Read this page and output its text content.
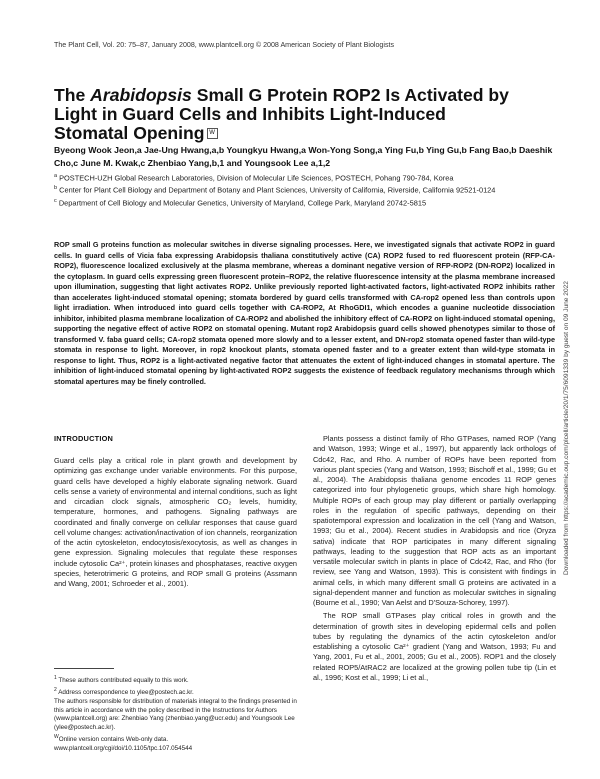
The Plant Cell, Vol. 20: 75–87, January 2008, www.plantcell.org © 2008 American Society of Plant Biologists
The Arabidopsis Small G Protein ROP2 Is Activated by Light in Guard Cells and Inhibits Light-Induced Stomatal Opening W
Byeong Wook Jeon,a Jae-Ung Hwang,a,b Youngkyu Hwang,a Won-Yong Song,a Ying Fu,b Ying Gu,b Fang Bao,b Daeshik Cho,c June M. Kwak,c Zhenbiao Yang,b,1 and Youngsook Lee a,1,2
$^a$ POSTECH-UZH Global Research Laboratories, Division of Molecular Life Sciences, POSTECH, Pohang 790-784, Korea
$^b$ Center for Plant Cell Biology and Department of Botany and Plant Sciences, University of California, Riverside, California 92521-0124
$^c$ Department of Cell Biology and Molecular Genetics, University of Maryland, College Park, Maryland 20742-5815

ROP small G proteins function as molecular switches in diverse signaling processes. Here, we investigated signals that activate ROP2 in guard cells. In guard cells of Vicia faba expressing Arabidopsis thaliana constitutively active (CA) ROP2 fused to red fluorescent protein (RFP-CA-ROP2), fluorescence localized exclusively at the plasma membrane, whereas a dominant negative version of RFP-ROP2 (DN-ROP2) localized in the cytoplasm. In guard cells expressing green fluorescent protein–ROP2, the relative fluorescence intensity at the plasma membrane increased upon illumination, suggesting that light activates ROP2. Unlike previously reported light-activated factors, light-activated ROP2 inhibits rather than accelerates light-induced stomatal opening; stomata bordered by guard cells transformed with CA-rop2 opened less than controls upon light irradiation. When introduced into guard cells together with CA-ROP2, At RhoGDI1, which encodes a guanine nucleotide dissociation inhibitor, inhibited plasma membrane localization of CA-ROP2 and abolished the inhibitory effect of CA-ROP2 on light-induced stomatal opening, supporting the negative effect of active ROP2 on stomatal opening. Mutant rop2 Arabidopsis guard cells showed phenotypes similar to those of transformed V. faba guard cells; CA-rop2 stomata opened more slowly and to a lesser extent, and DN-rop2 stomata opened faster than wild-type stomata in response to light. Moreover, in rop2 knockout plants, stomata opened faster and to a greater extent than wild-type stomata in response to light. Thus, ROP2 is a light-activated negative factor that attenuates the extent of light-induced changes in stomatal aperture. The inhibition of light-induced stomatal opening by light-activated ROP2 suggests the existence of feedback regulatory mechanisms through which stomatal apertures may be finely controlled.	Downloaded from https://academic.oup.com/plcell/article/20/1/75/6091339 by guest on 09 June 2022
INTRODUCTION

Guard cells play a critical role in plant growth and development by optimizing gas exchange under variable environments. For this purpose, guard cells have developed a highly elaborate signaling network. Guard cells sense a variety of environmental and internal conditions, such as light and circadian clock signals, atmospheric CO₂ levels, humidity, temperature, hormones, and pathogens. Signaling pathways are coordinated and finally converge on cellular responses that cause guard cell volume changes: activation/inactivation of ion channels, reorganization of the actin cytoskeleton, endocytosis/exocytosis, as well as changes in gene expression. Signaling molecules that regulate these responses include cytosolic Ca²⁺, protein kinases and phosphatases, reactive oxygen species, heterotrimeric G proteins, and ROP small G proteins (Assmann and Wang, 2001; Schroeder et al., 2001).

Plants possess a distinct family of Rho GTPases, named ROP (Yang and Watson, 1993; Winge et al., 1997), but apparently lack orthologs of Cdc42, Rac, and Rho. A number of ROPs have been reported from various plant species (Yang and Watson, 1993; Bischoff et al., 1999; Gu et al., 2004). The Arabidopsis thaliana genome encodes 11 ROP genes categorized into four phylogenetic groups, which share high homology. Multiple ROPs of each group may play different or partially overlapping roles in the regulation of specific pathways, depending on their spatiotemporal expression and localization in the cell (Yang and Watson, 1993; Gu et al., 2004). Recent studies in Arabidopsis and rice (Oryza sativa) indicate that ROP participates in many different signaling pathways, leading to the suggestion that ROP acts as an important versatile molecular switch in plants in place of Cdc42, Rac, and Rho (for review, see Yang and Watson, 1993). This is consistent with findings in animal cells, in which many different small G proteins are activated in a signal-dependent manner and function as molecular switches in signaling (Bourne et al., 1990; Van Aelst and D'Souza-Schorey, 1997).

The ROP small GTPases play critical roles in growth and the determination of growth sites in developing epidermal cells and pollen tubes by regulating the dynamics of the actin cytoskeleton and/or establishing a cytosolic Ca²⁺ gradient (Yang and Watson, 1993; Fu and Yang, 2001, Fu et al., 2001, 2005; Gu et al., 2005). ROP1 and the closely related ROP5/AtRAC2 are localized at the growing pollen tube tip (Lin et al., 1996; Kost et al., 1999; Li et al.,

$^1$ These authors contributed equally to this work.
$^2$ Address correspondence to ylee@postech.ac.kr.
The authors responsible for distribution of materials integral to the findings presented in this article in accordance with the policy described in the Instructions for Authors (www.plantcell.org) are: Zhenbiao Yang (zhenbiao.yang@ucr.edu) and Youngsook Lee (ylee@postech.ac.kr).
$^W$Online version contains Web-only data.
www.plantcell.org/cgi/doi/10.1105/tpc.107.054544
